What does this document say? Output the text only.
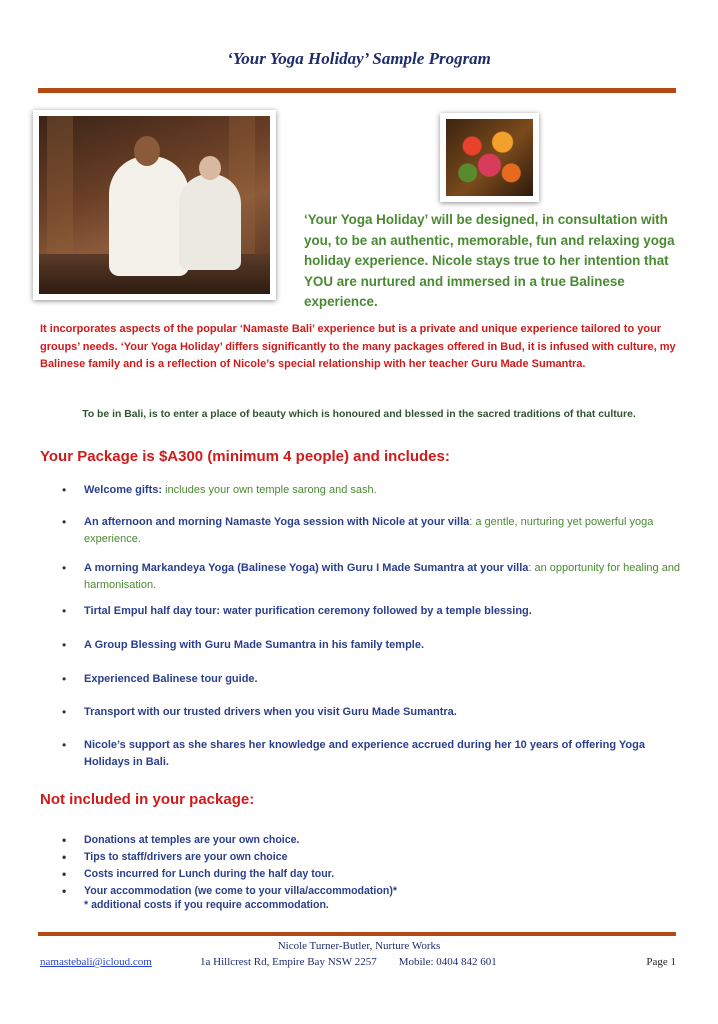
‘Your Yoga Holiday’ Sample Program
‘Your Yoga Holiday’ will be designed, in consultation with you, to be an authentic, memorable, fun and relaxing yoga holiday experience. Nicole stays true to her intention that YOU are nurtured and immersed in a true Balinese experience.
It incorporates aspects of the popular ‘Namaste Bali’ experience but is a private and unique experience tailored to your groups’ needs. ‘Your Yoga Holiday’ differs significantly to the many packages offered in Bud, it is infused with culture, my Balinese family and is a reflection of Nicole’s special relationship with her teacher Guru Made Sumantra.
To be in Bali, is to enter a place of beauty which is honoured and blessed in the sacred traditions of that culture.
Your Package is $A300 (minimum 4 people) and includes:
• Welcome gifts: includes your own temple sarong and sash.
• An afternoon and morning Namaste Yoga session with Nicole at your villa: a gentle, nurturing yet powerful yoga experience.
• A morning Markandeya Yoga (Balinese Yoga) with Guru I Made Sumantra at your villa: an opportunity for healing and harmonisation.
• Tirtal Empul half day tour: water purification ceremony followed by a temple blessing.
• A Group Blessing with Guru Made Sumantra in his family temple.
• Experienced Balinese tour guide.
• Transport with our trusted drivers when you visit Guru Made Sumantra.
• Nicole’s support as she shares her knowledge and experience accrued during her 10 years of offering Yoga Holidays in Bali.
Not included in your package:
• Donations at temples are your own choice.
• Tips to staff/drivers are your own choice
• Costs incurred for Lunch during the half day tour.
• Your accommodation (we come to your villa/accommodation)*
* additional costs if you require accommodation.
Nicole Turner-Butler, Nurture Works
namastebali@icloud.com	1a Hillcrest Rd, Empire Bay NSW 2257        Mobile: 0404 842 601	Page 1
